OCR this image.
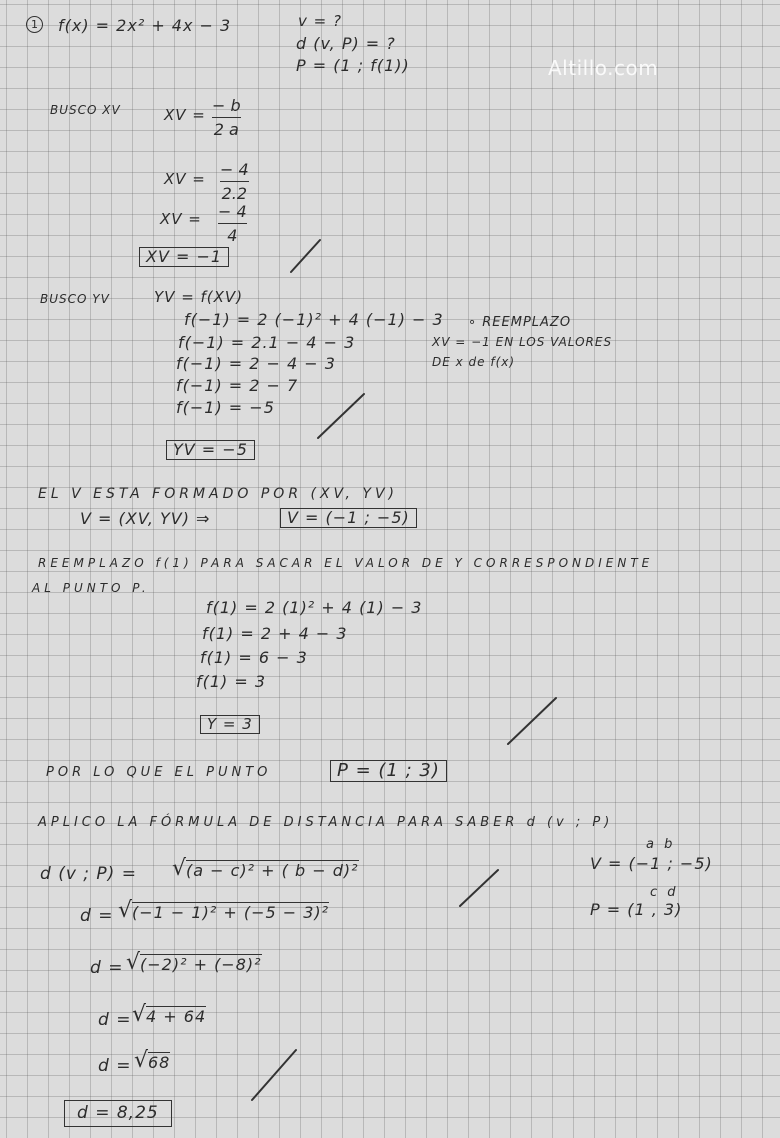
Altillo.com
1	f(x) = 2x² + 4x − 3	v = ?
d (v, P) = ?
P = (1 ; f(1))
BUSCO XV	XV = − b
2 a
XV = − 4
2.2
XV = − 4
4
XV = −1
BUSCO YV	YV = f(XV)
f(−1) = 2 (−1)² + 4 (−1) − 3
f(−1) = 2.1 − 4 − 3
f(−1) = 2 − 4 − 3
f(−1) = 2 − 7
f(−1) = −5
∘ REEMPLAZO
XV = −1 EN LOS VALORES
DE x de f(x)
YV = −5
EL V ESTA FORMADO POR (XV, YV)
V = (XV, YV) ⇒	V = (−1 ; −5)
REEMPLAZO f(1) PARA SACAR EL VALOR DE Y CORRESPONDIENTE
AL PUNTO P.
f(1) = 2 (1)² + 4 (1) − 3
f(1) = 2 + 4 − 3
f(1) = 6 − 3
f(1) = 3
Y = 3
POR LO QUE EL PUNTO	P = (1 ; 3)
APLICO LA FÓRMULA DE DISTANCIA PARA SABER d (v ; P)
d (v ; P) = √
(a − c)² + ( b − d)²
d = √
(−1 − 1)² + (−5 − 3)²
d = √
(−2)² + (−8)²
d = √
4 + 64
d = √
68
d = 8,25
a b
V = (−1 ; −5)
c d
P = (1 , 3)
